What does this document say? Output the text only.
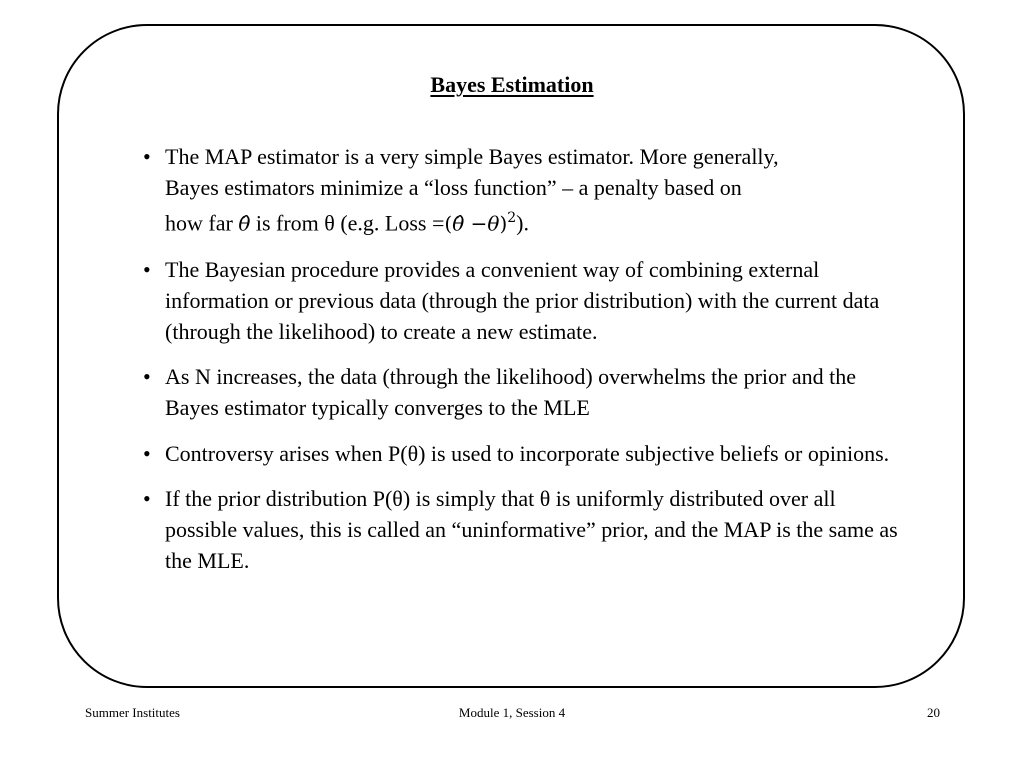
Bayes Estimation
• The MAP estimator is a very simple Bayes estimator. More generally,
Bayes estimators minimize a “loss function” – a penalty based on
how far θ̂ is from θ (e.g. Loss =(θ̂ −θ)$^2$).
• The Bayesian procedure provides a convenient way of combining external information or previous data (through the prior distribution) with the current data (through the likelihood) to create a new estimate.
• As N increases, the data (through the likelihood) overwhelms the prior and the Bayes estimator typically converges to the MLE
• Controversy arises when P(θ) is used to incorporate subjective beliefs or opinions.
• If the prior distribution P(θ) is simply that θ is uniformly distributed over all possible values, this is called an “uninformative” prior, and the MAP is the same as the MLE.
Summer Institutes	Module 1, Session 4	20
